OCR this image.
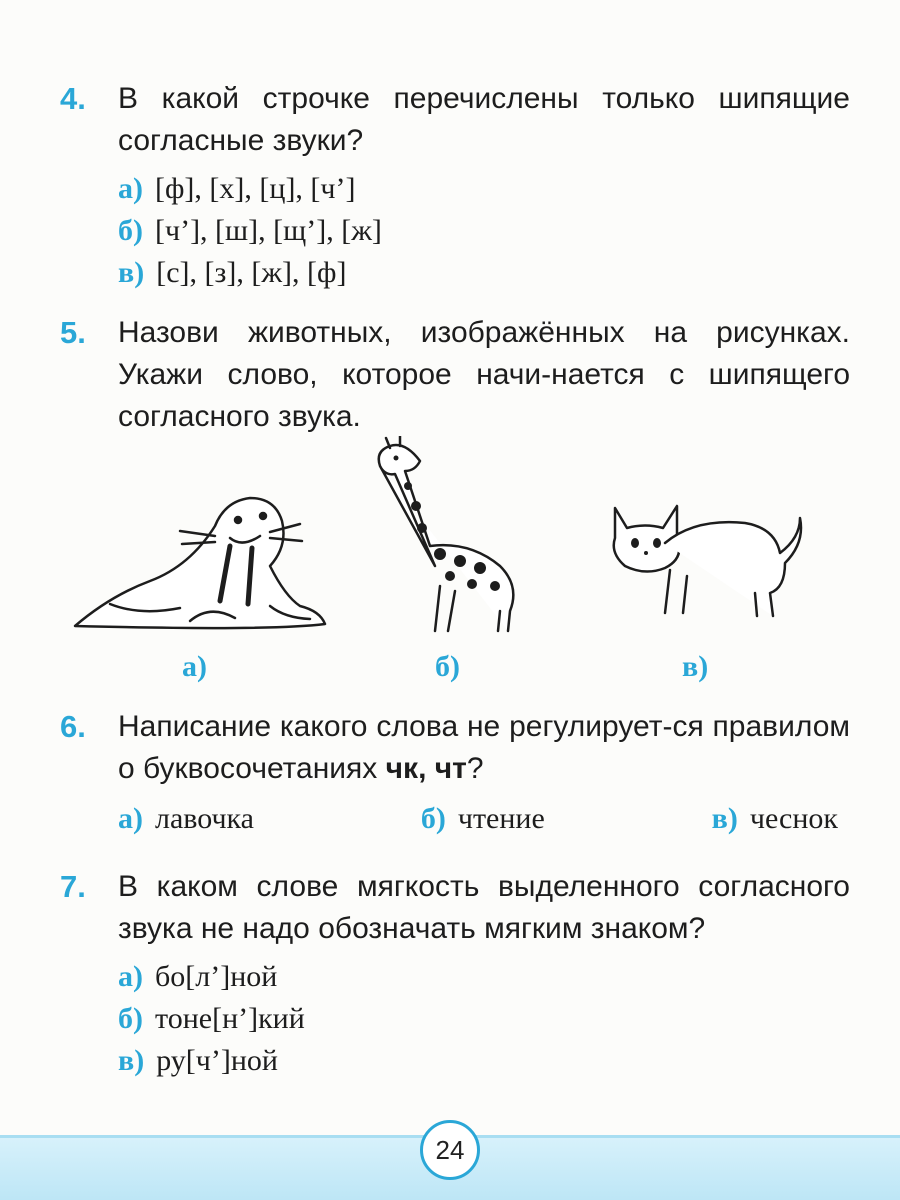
4. В какой строчке перечислены только шипящие согласные звуки?
а) [ф], [х], [ц], [ч’]
б) [ч’], [ш], [щ’], [ж]
в) [с], [з], [ж], [ф]
5. Назови животных, изображённых на рисунках. Укажи слово, которое начи-нается с шипящего согласного звука.
а)	б)	в)
6. Написание какого слова не регулирует-ся правилом о буквосочетаниях чк, чт?
а) лавочка	б) чтение	в) чеснок
7. В каком слове мягкость выделенного согласного звука не надо обозначать мягким знаком?
а) бо[л’]ной
б) тоне[н’]кий
в) ру[ч’]ной
24
